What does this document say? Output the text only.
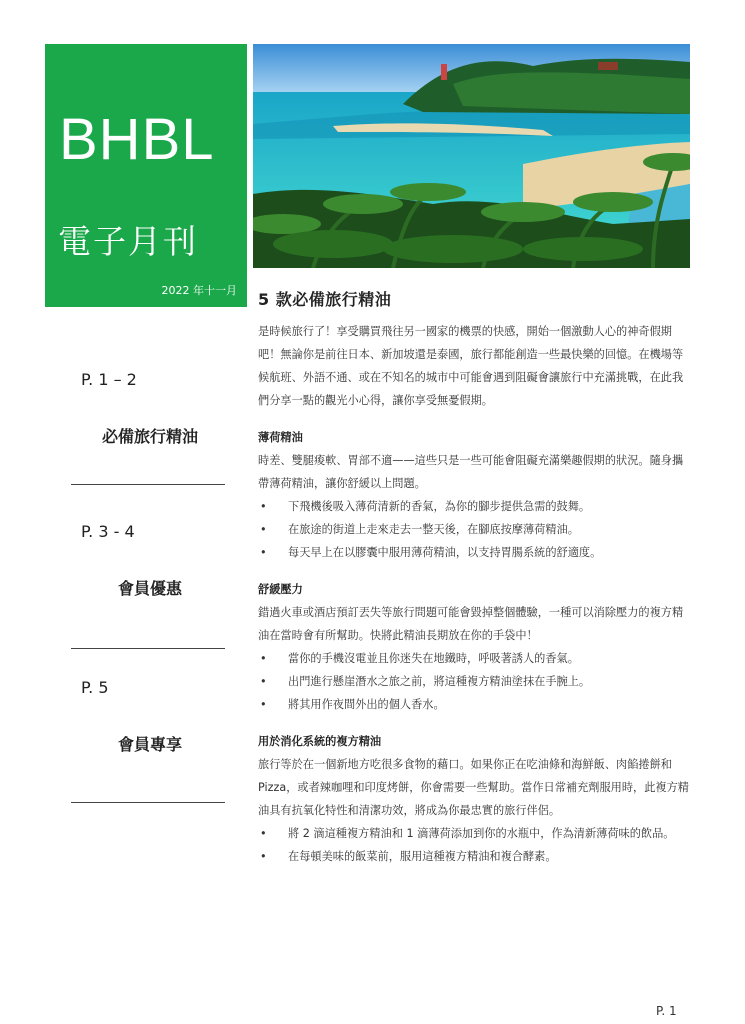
BHBL
電子月刊
2022 年十一月
P. 1 – 2
必備旅行精油
P. 3 - 4
會員優惠
P. 5
會員專享
5 款必備旅行精油

是時候旅行了！享受購買飛往另一國家的機票的快感，開始一個激動人心的神奇假期吧！無論你是前往日本、新加坡還是泰國，旅行都能創造一些最快樂的回憶。在機場等候航班、外語不通、或在不知名的城市中可能會遇到阻礙會讓旅行中充滿挑戰，在此我們分享一點的觀光小心得，讓你享受無憂假期。

薄荷精油

時差、雙腿痠軟、胃部不適——這些只是一些可能會阻礙充滿樂趣假期的狀況。隨身攜帶薄荷精油，讓你舒緩以上問題。

• 下飛機後吸入薄荷清新的香氣，為你的腳步提供急需的鼓舞。
• 在旅途的街道上走來走去一整天後，在腳底按摩薄荷精油。
• 每天早上在以膠囊中服用薄荷精油，以支持胃腸系統的舒適度。

舒緩壓力

錯過火車或酒店預訂丟失等旅行問題可能會毀掉整個體驗，一種可以消除壓力的複方精油在當時會有所幫助。快將此精油長期放在你的手袋中！

• 當你的手機沒電並且你迷失在地鐵時，呼吸著誘人的香氣。
• 出門進行懸崖潛水之旅之前，將這種複方精油塗抹在手腕上。
• 將其用作夜間外出的個人香水。

用於消化系統的複方精油

旅行等於在一個新地方吃很多食物的藉口。如果你正在吃油條和海鮮飯、肉餡捲餅和 Pizza，或者辣咖哩和印度烤餅，你會需要一些幫助。當作日常補充劑服用時，此複方精油具有抗氧化特性和清潔功效，將成為你最忠實的旅行伴侶。

• 將 2 滴這種複方精油和 1 滴薄荷添加到你的水瓶中，作為清新薄荷味的飲品。
• 在每頓美味的飯菜前，服用這種複方精油和複合酵素。
P. 1
